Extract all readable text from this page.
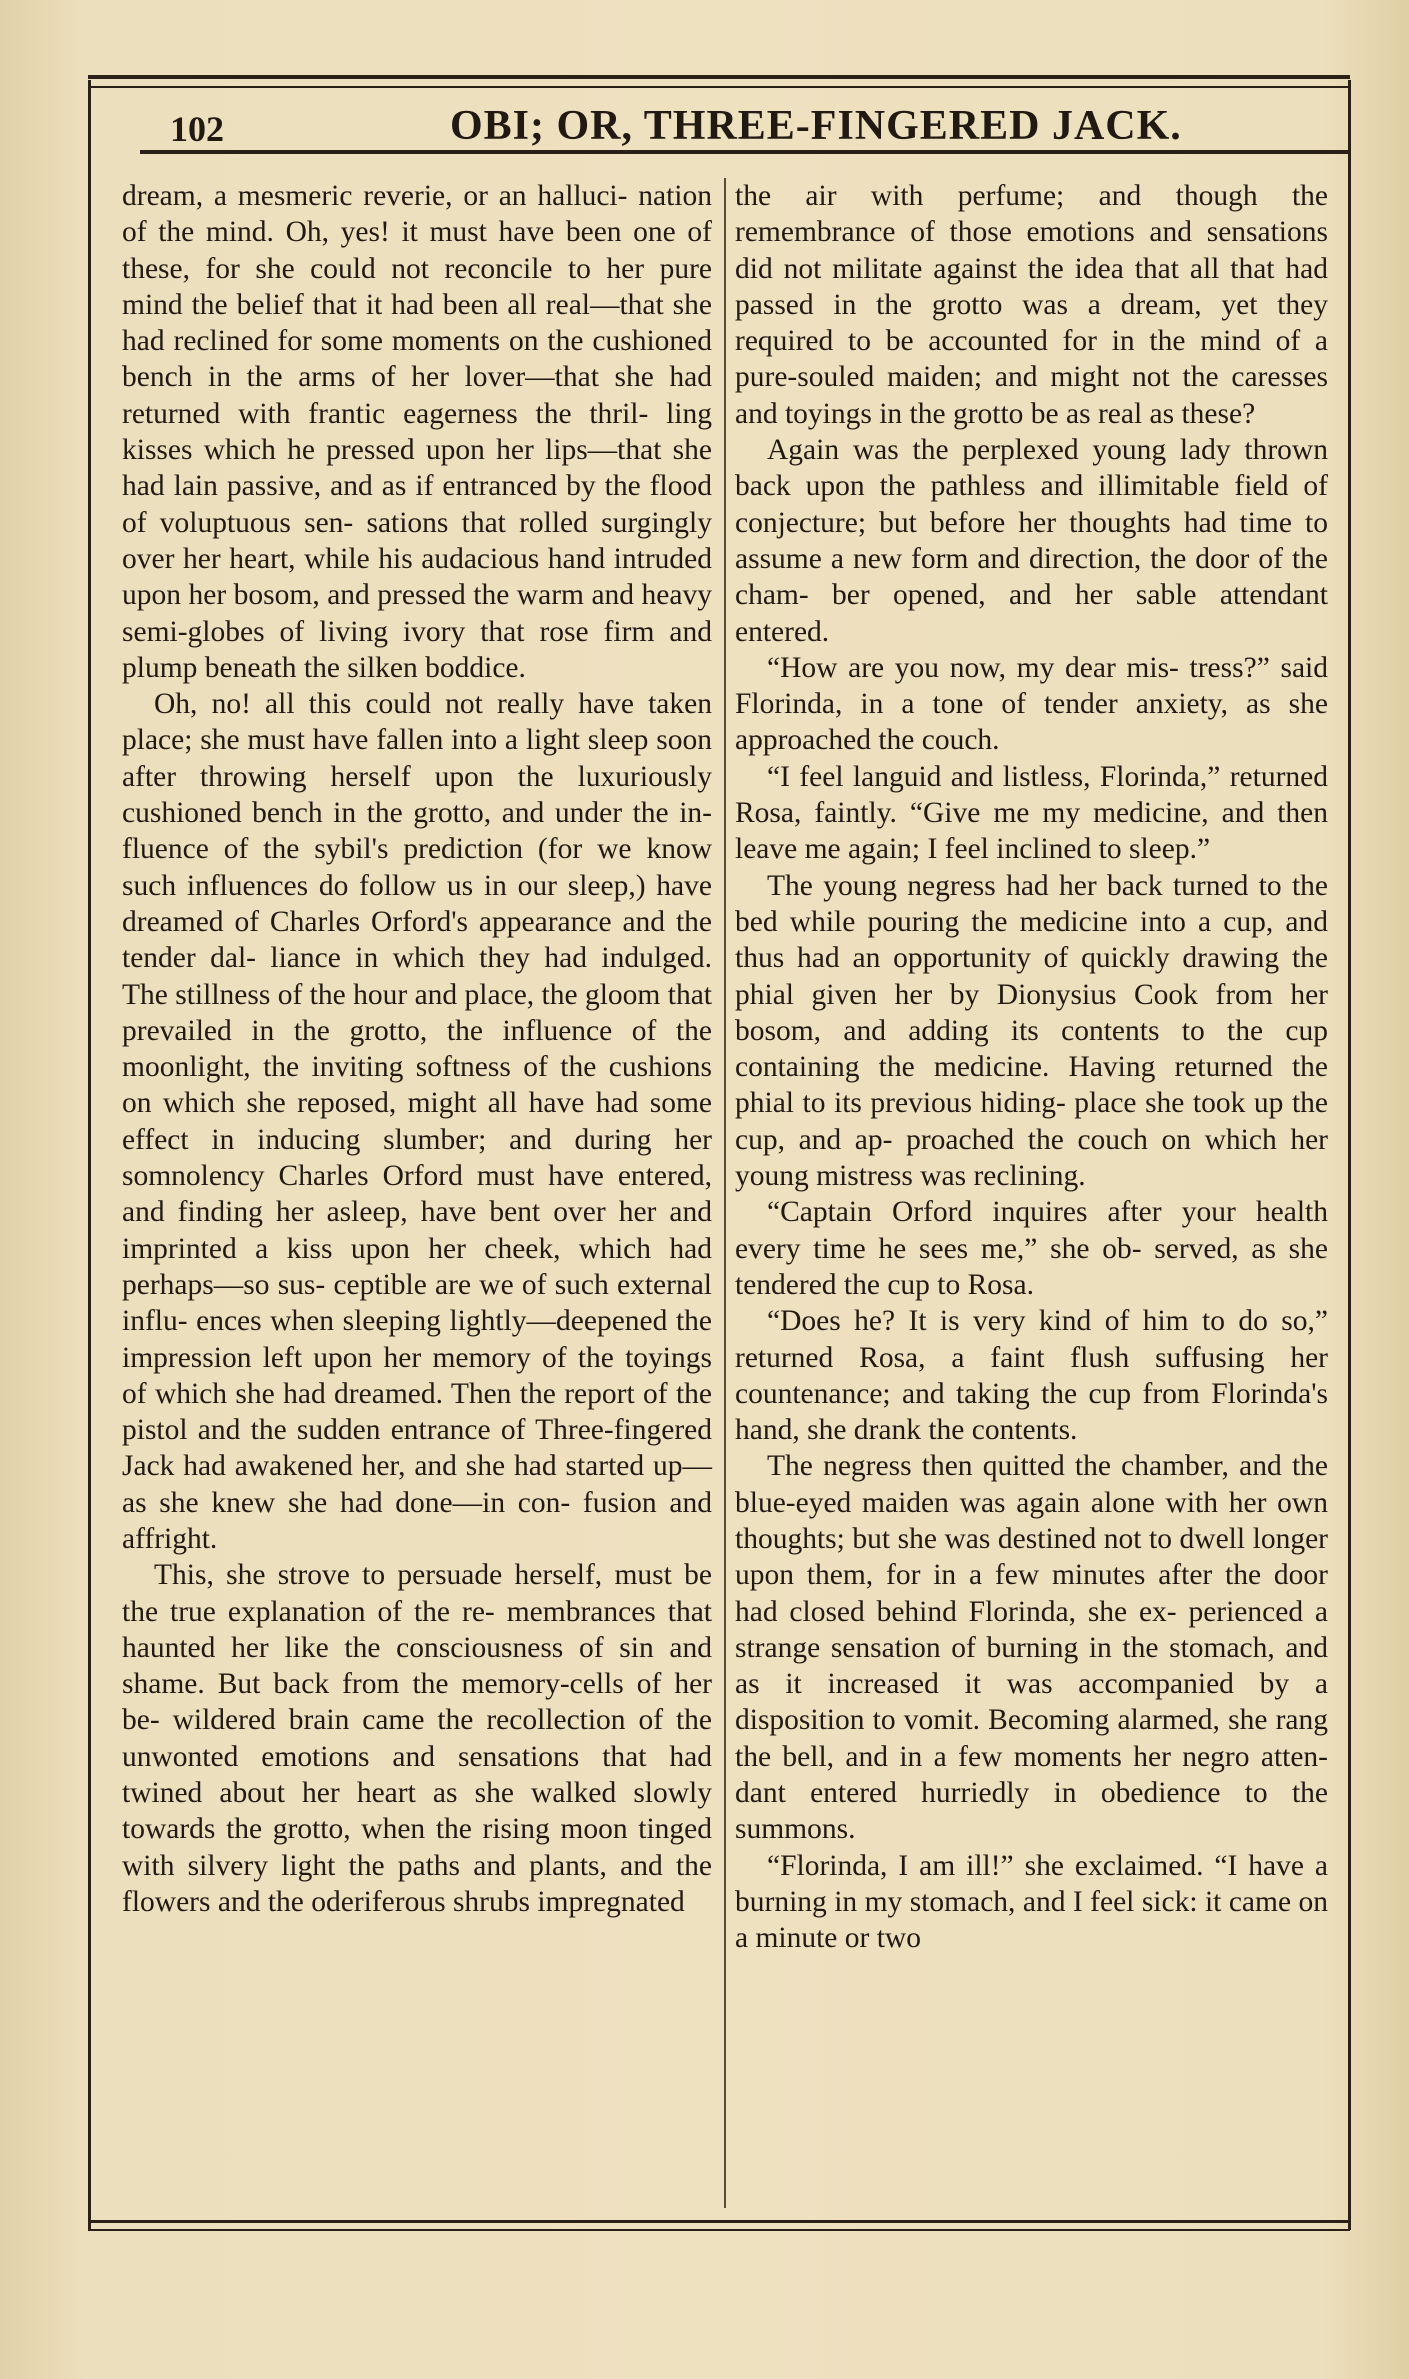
102	OBI; OR, THREE-FINGERED JACK.

dream, a mesmeric reverie, or an halluci- nation of the mind. Oh, yes! it must have been one of these, for she could not reconcile to her pure mind the belief that it had been all real—that she had reclined for some moments on the cushioned bench in the arms of her lover—that she had returned with frantic eagerness the thril- ling kisses which he pressed upon her lips—that she had lain passive, and as if entranced by the flood of voluptuous sen- sations that rolled surgingly over her heart, while his audacious hand intruded upon her bosom, and pressed the warm and heavy semi-globes of living ivory that rose firm and plump beneath the silken boddice.

Oh, no! all this could not really have taken place; she must have fallen into a light sleep soon after throwing herself upon the luxuriously cushioned bench in the grotto, and under the in- fluence of the sybil's prediction (for we know such influences do follow us in our sleep,) have dreamed of Charles Orford's appearance and the tender dal- liance in which they had indulged. The stillness of the hour and place, the gloom that prevailed in the grotto, the influence of the moonlight, the inviting softness of the cushions on which she reposed, might all have had some effect in inducing slumber; and during her somnolency Charles Orford must have entered, and finding her asleep, have bent over her and imprinted a kiss upon her cheek, which had perhaps—so sus- ceptible are we of such external influ- ences when sleeping lightly—deepened the impression left upon her memory of the toyings of which she had dreamed. Then the report of the pistol and the sudden entrance of Three-fingered Jack had awakened her, and she had started up—as she knew she had done—in con- fusion and affright.

This, she strove to persuade herself, must be the true explanation of the re- membrances that haunted her like the consciousness of sin and shame. But back from the memory-cells of her be- wildered brain came the recollection of the unwonted emotions and sensations that had twined about her heart as she walked slowly towards the grotto, when the rising moon tinged with silvery light the paths and plants, and the flowers and the oderiferous shrubs impregnated

the air with perfume; and though the remembrance of those emotions and sensations did not militate against the idea that all that had passed in the grotto was a dream, yet they required to be accounted for in the mind of a pure-souled maiden; and might not the caresses and toyings in the grotto be as real as these?

Again was the perplexed young lady thrown back upon the pathless and illimitable field of conjecture; but before her thoughts had time to assume a new form and direction, the door of the cham- ber opened, and her sable attendant entered.

“How are you now, my dear mis- tress?” said Florinda, in a tone of tender anxiety, as she approached the couch.

“I feel languid and listless, Florinda,” returned Rosa, faintly. “Give me my medicine, and then leave me again; I feel inclined to sleep.”

The young negress had her back turned to the bed while pouring the medicine into a cup, and thus had an opportunity of quickly drawing the phial given her by Dionysius Cook from her bosom, and adding its contents to the cup containing the medicine. Having returned the phial to its previous hiding- place she took up the cup, and ap- proached the couch on which her young mistress was reclining.

“Captain Orford inquires after your health every time he sees me,” she ob- served, as she tendered the cup to Rosa.

“Does he? It is very kind of him to do so,” returned Rosa, a faint flush suffusing her countenance; and taking the cup from Florinda's hand, she drank the contents.

The negress then quitted the chamber, and the blue-eyed maiden was again alone with her own thoughts; but she was destined not to dwell longer upon them, for in a few minutes after the door had closed behind Florinda, she ex- perienced a strange sensation of burning in the stomach, and as it increased it was accompanied by a disposition to vomit. Becoming alarmed, she rang the bell, and in a few moments her negro atten- dant entered hurriedly in obedience to the summons.

“Florinda, I am ill!” she exclaimed. “I have a burning in my stomach, and I feel sick: it came on a minute or two
